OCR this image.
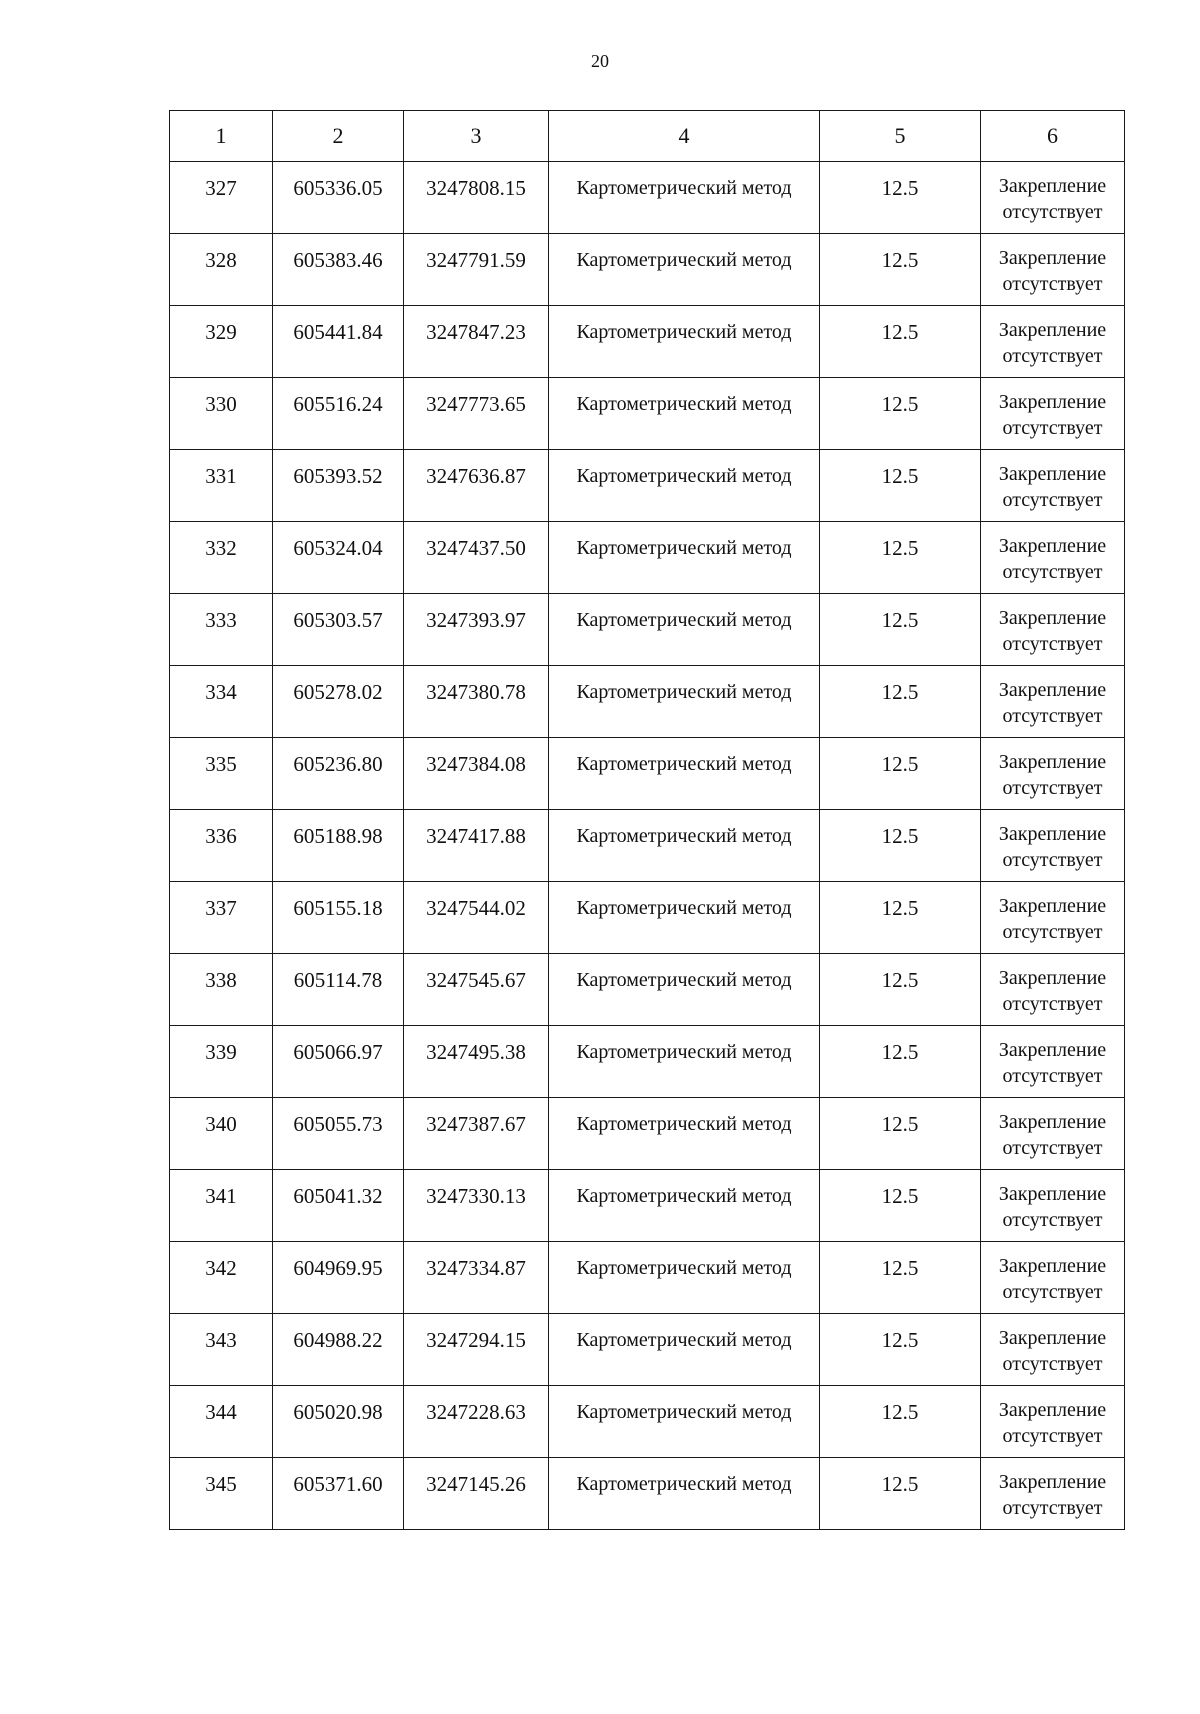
20
1	2	3	4	5	6
327	605336.05	3247808.15	Картометрический метод	12.5	Закрепление отсутствует
328	605383.46	3247791.59	Картометрический метод	12.5	Закрепление отсутствует
329	605441.84	3247847.23	Картометрический метод	12.5	Закрепление отсутствует
330	605516.24	3247773.65	Картометрический метод	12.5	Закрепление отсутствует
331	605393.52	3247636.87	Картометрический метод	12.5	Закрепление отсутствует
332	605324.04	3247437.50	Картометрический метод	12.5	Закрепление отсутствует
333	605303.57	3247393.97	Картометрический метод	12.5	Закрепление отсутствует
334	605278.02	3247380.78	Картометрический метод	12.5	Закрепление отсутствует
335	605236.80	3247384.08	Картометрический метод	12.5	Закрепление отсутствует
336	605188.98	3247417.88	Картометрический метод	12.5	Закрепление отсутствует
337	605155.18	3247544.02	Картометрический метод	12.5	Закрепление отсутствует
338	605114.78	3247545.67	Картометрический метод	12.5	Закрепление отсутствует
339	605066.97	3247495.38	Картометрический метод	12.5	Закрепление отсутствует
340	605055.73	3247387.67	Картометрический метод	12.5	Закрепление отсутствует
341	605041.32	3247330.13	Картометрический метод	12.5	Закрепление отсутствует
342	604969.95	3247334.87	Картометрический метод	12.5	Закрепление отсутствует
343	604988.22	3247294.15	Картометрический метод	12.5	Закрепление отсутствует
344	605020.98	3247228.63	Картометрический метод	12.5	Закрепление отсутствует
345	605371.60	3247145.26	Картометрический метод	12.5	Закрепление отсутствует
